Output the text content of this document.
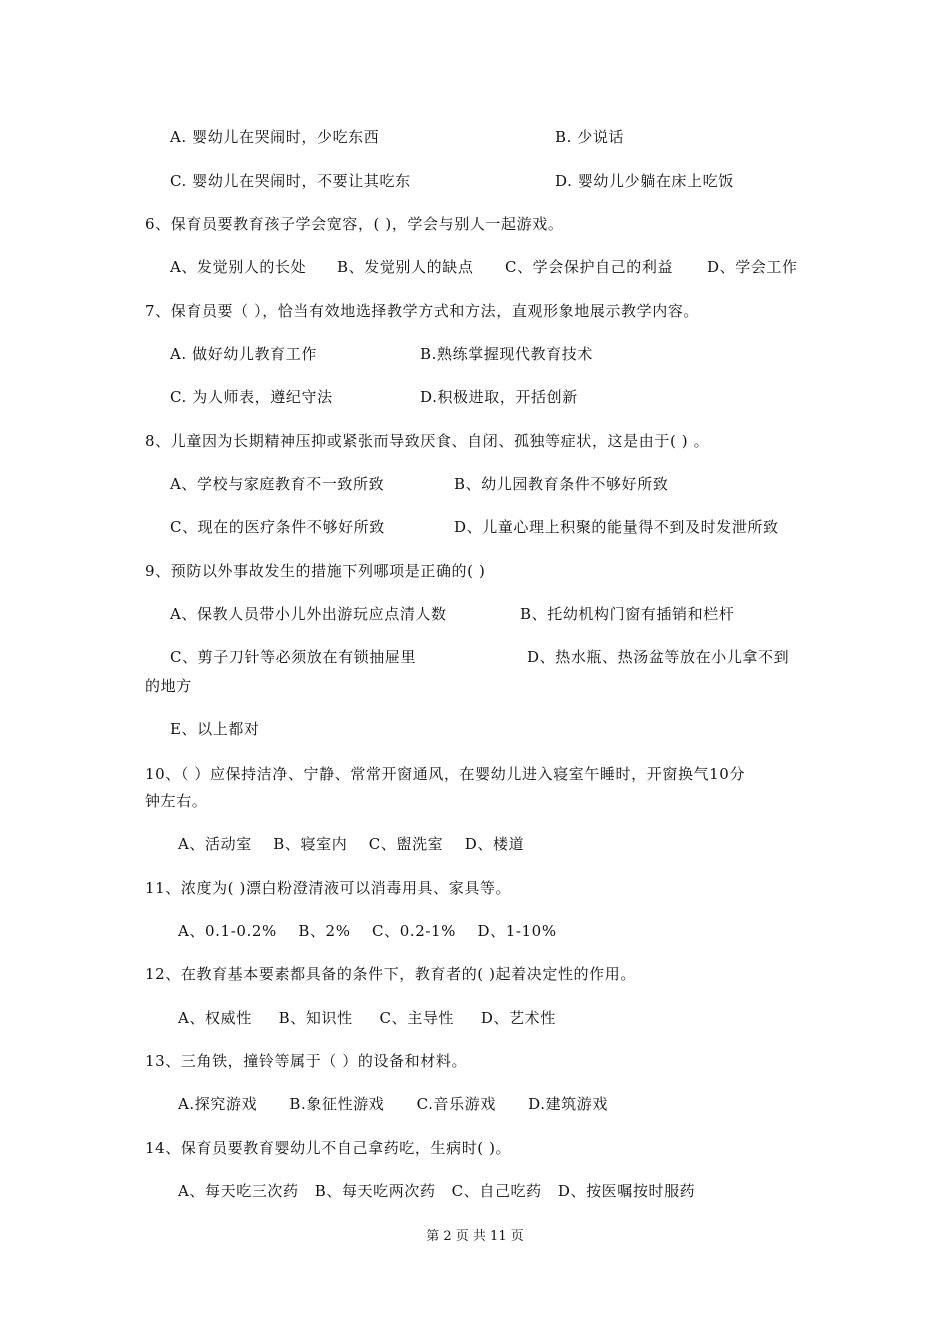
A. 婴幼儿在哭闹时，少吃东西	B. 少说话
C. 婴幼儿在哭闹时，不要让其吃东	D. 婴幼儿少躺在床上吃饭
6、保育员要教育孩子学会宽容，( )，学会与别人一起游戏。
A、发觉别人的长处 B、发觉别人的缺点 C、学会保护自己的利益 D、学会工作
7、保育员要（ ），恰当有效地选择教学方式和方法，直观形象地展示教学内容。
A. 做好幼儿教育工作	B.熟练掌握现代教育技术
C. 为人师表，遵纪守法	D.积极进取，开括创新
8、儿童因为长期精神压抑或紧张而导致厌食、自闭、孤独等症状，这是由于( ) 。
A、学校与家庭教育不一致所致	B、幼儿园教育条件不够好所致
C、现在的医疗条件不够好所致	D、儿童心理上积聚的能量得不到及时发泄所致
9、预防以外事故发生的措施下列哪项是正确的( )
A、保教人员带小儿外出游玩应点清人数	B、托幼机构门窗有插销和栏杆
C、剪子刀针等必须放在有锁抽屉里	D、热水瓶、热汤盆等放在小儿拿不到
的地方
E、以上都对
10、（ ）应保持洁净、宁静、常常开窗通风，在婴幼儿进入寝室午睡时，开窗换气10分
钟左右。
A、活动室    B、寝室内    C、盥洗室    D、楼道
11、浓度为( )漂白粉澄清液可以消毒用具、家具等。
A、0.1-0.2%    B、2%    C、0.2-1%    D、1-10%
12、在教育基本要素都具备的条件下，教育者的( )起着决定性的作用。
A、权威性     B、知识性     C、主导性     D、艺术性
13、三角铁，撞铃等属于（ ）的设备和材料。
A.探究游戏      B.象征性游戏      C.音乐游戏      D.建筑游戏
14、保育员要教育婴幼儿不自己拿药吃，生病时( )。
A、每天吃三次药   B、每天吃两次药   C、自己吃药   D、按医嘱按时服药
第 2 页 共 11 页
